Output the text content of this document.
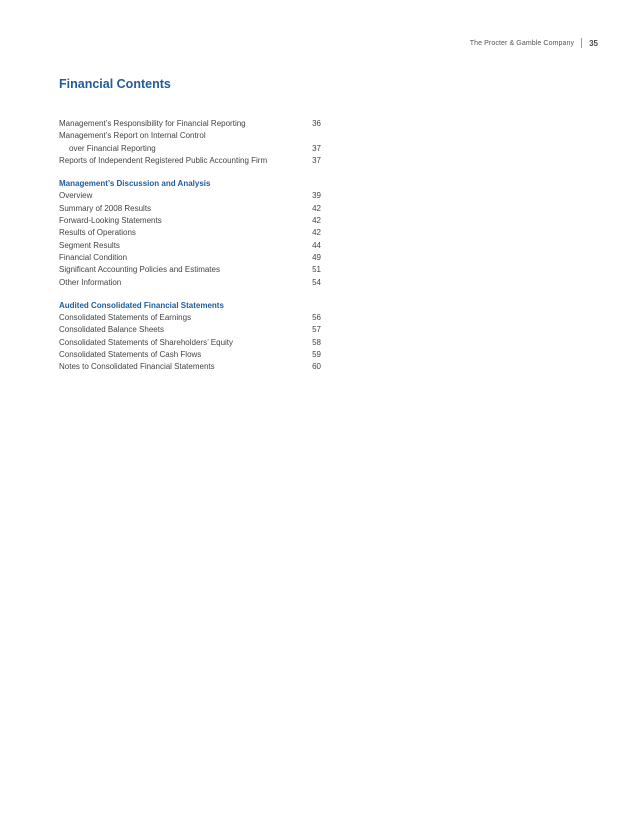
The Procter & Gamble Company 35
Financial Contents
Management’s Responsibility for Financial Reporting	36
Management’s Report on Internal Control
over Financial Reporting	37
Reports of Independent Registered Public Accounting Firm	37
Management’s Discussion and Analysis
Overview	39
Summary of 2008 Results	42
Forward-Looking Statements	42
Results of Operations	42
Segment Results	44
Financial Condition	49
Significant Accounting Policies and Estimates	51
Other Information	54
Audited Consolidated Financial Statements
Consolidated Statements of Earnings	56
Consolidated Balance Sheets	57
Consolidated Statements of Shareholders’ Equity	58
Consolidated Statements of Cash Flows	59
Notes to Consolidated Financial Statements	60
